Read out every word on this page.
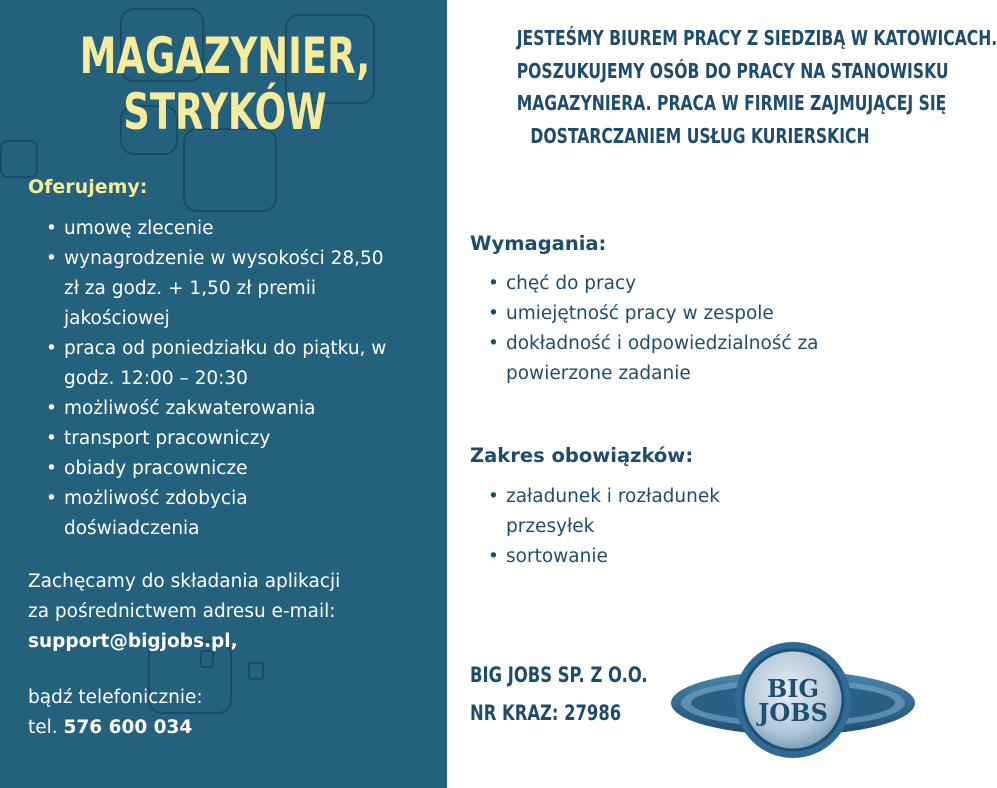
MAGAZYNIER,
STRYKÓW
Oferujemy:
• umowę zlecenie
• wynagrodzenie w wysokości 28,50 zł za godz. + 1,50 zł premii jakościowej
• praca od poniedziałku do piątku, w godz. 12:00 – 20:30
• możliwość zakwaterowania
• transport pracowniczy
• obiady pracownicze
• możliwość zdobycia doświadczenia
Zachęcamy do składania aplikacji
za pośrednictwem adresu e-mail:
support@bigjobs.pl,
bądź telefonicznie:
tel. 576 600 034
JESTEŚMY BIUREM PRACY Z SIEDZIBĄ W KATOWICACH.
POSZUKUJEMY OSÓB DO PRACY NA STANOWISKU
MAGAZYNIERA. PRACA W FIRMIE ZAJMUJĄCEJ SIĘ
DOSTARCZANIEM USŁUG KURIERSKICH
Wymagania:
• chęć do pracy
• umiejętność pracy w zespole
• dokładność i odpowiedzialność za powierzone zadanie
Zakres obowiązków:
• załadunek i rozładunek przesyłek
• sortowanie
BIG JOBS SP. Z O.O.
NR KRAZ: 27986
BIG
JOBS
